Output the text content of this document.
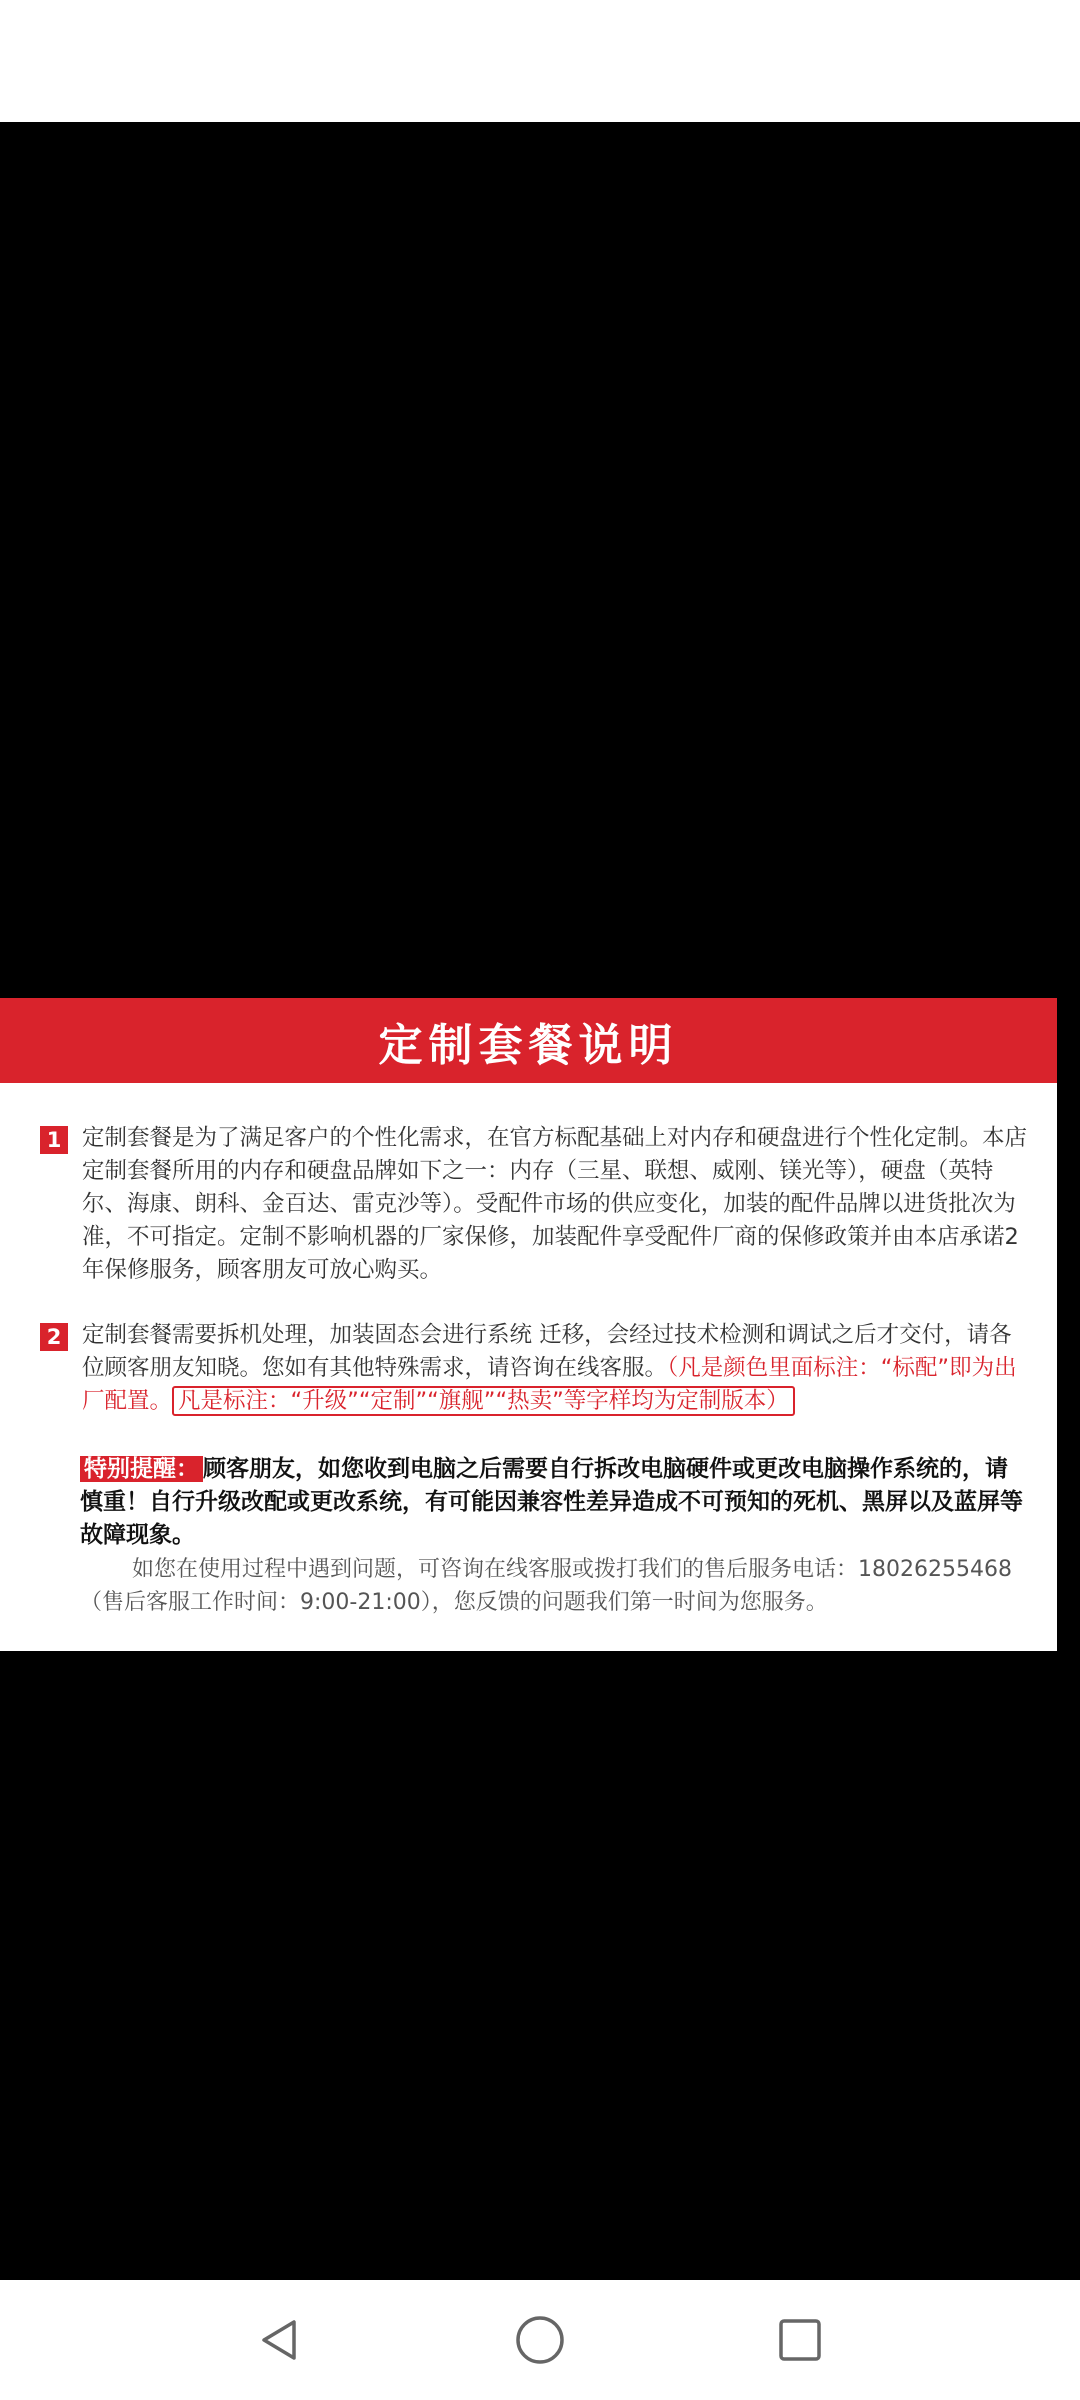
定制套餐说明
1 定制套餐是为了满足客户的个性化需求，在官方标配基础上对内存和硬盘进行个性化定制。本店定制套餐所用的内存和硬盘品牌如下之一：内存（三星、联想、威刚、镁光等），硬盘（英特尔、海康、朗科、金百达、雷克沙等）。受配件市场的供应变化，加装的配件品牌以进货批次为准，不可指定。定制不影响机器的厂家保修，加装配件享受配件厂商的保修政策并由本店承诺2年保修服务，顾客朋友可放心购买。

2 定制套餐需要拆机处理，加装固态会进行系统 迁移，会经过技术检测和调试之后才交付，请各位顾客朋友知晓。您如有其他特殊需求，请咨询在线客服。（凡是颜色里面标注：“标配”即为出厂配置。 凡是标注：“升级”“定制”“旗舰”“热卖”等字样均为定制版本）

特别提醒： 顾客朋友，如您收到电脑之后需要自行拆改电脑硬件或更改电脑操作系统的，请慎重！自行升级改配或更改系统，有可能因兼容性差异造成不可预知的死机、黑屏以及蓝屏等故障现象。

如您在使用过程中遇到问题，可咨询在线客服或拨打我们的售后服务电话：18026255468（售后客服工作时间：9:00-21:00），您反馈的问题我们第一时间为您服务。
